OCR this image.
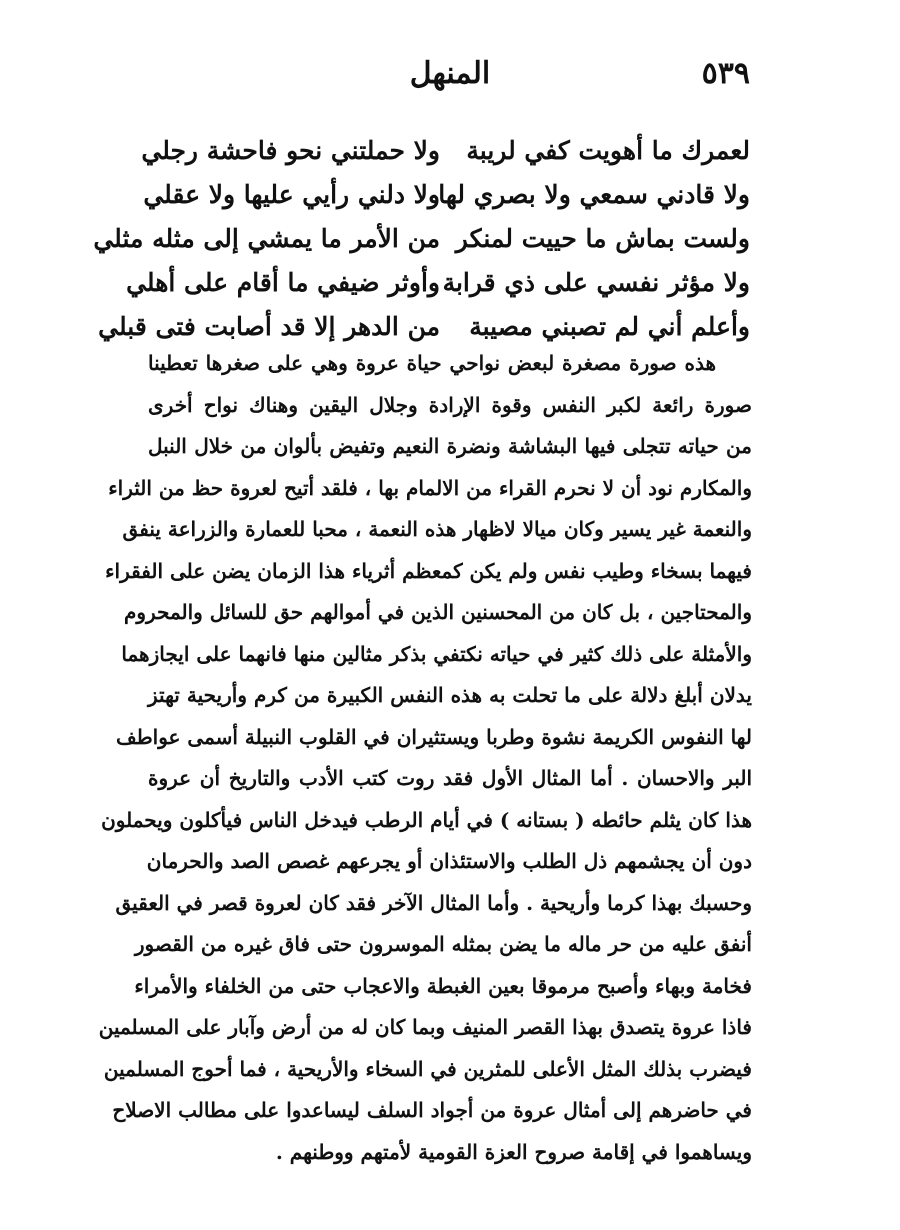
٥٣٩
المنهل
لعمرك ما أهويت كفي لريبة
ولا حملتني نحو فاحشة رجلي
ولا قادني سمعي ولا بصري لها
ولا دلني رأيي عليها ولا عقلي
ولست بماش ما حييت لمنكر
من الأمر ما يمشي إلى مثله مثلي
ولا مؤثر نفسي على ذي قرابة
وأوثر ضيفي ما أقام على أهلي
وأعلم أني لم تصبني مصيبة
من الدهر إلا قد أصابت فتى قبلي
هذه صورة مصغرة لبعض نواحي حياة عروة وهي على صغرها تعطينا
صورة رائعة لكبر النفس وقوة الإرادة وجلال اليقين وهناك نواح أخرى
من حياته تتجلى فيها البشاشة ونضرة النعيم وتفيض بألوان من خلال النبل
والمكارم نود أن لا نحرم القراء من الالمام بها ، فلقد أتيح لعروة حظ من الثراء
والنعمة غير يسير وكان ميالا لاظهار هذه النعمة ، محبا للعمارة والزراعة ينفق
فيهما بسخاء وطيب نفس ولم يكن كمعظم أثرياء هذا الزمان يضن على الفقراء
والمحتاجين ، بل كان من المحسنين الذين في أموالهم حق للسائل والمحروم
والأمثلة على ذلك كثير في حياته نكتفي بذكر مثالين منها فانهما على ايجازهما
يدلان أبلغ دلالة على ما تحلت به هذه النفس الكبيرة من كرم وأريحية تهتز
لها النفوس الكريمة نشوة وطربا ويستثيران في القلوب النبيلة أسمى عواطف
البر والاحسان . أما المثال الأول فقد روت كتب الأدب والتاريخ أن عروة
هذا كان يثلم حائطه ( بستانه ) في أيام الرطب فيدخل الناس فيأكلون ويحملون
دون أن يجشمهم ذل الطلب والاستئذان أو يجرعهم غصص الصد والحرمان
وحسبك بهذا كرما وأريحية . وأما المثال الآخر فقد كان لعروة قصر في العقيق
أنفق عليه من حر ماله ما يضن بمثله الموسرون حتى فاق غيره من القصور
فخامة وبهاء وأصبح مرموقا بعين الغبطة والاعجاب حتى من الخلفاء والأمراء
فاذا عروة يتصدق بهذا القصر المنيف وبما كان له من أرض وآبار على المسلمين
فيضرب بذلك المثل الأعلى للمثرين في السخاء والأريحية ، فما أحوج المسلمين
في حاضرهم إلى أمثال عروة من أجواد السلف ليساعدوا على مطالب الاصلاح
ويساهموا في إقامة صروح العزة القومية لأمتهم ووطنهم .
